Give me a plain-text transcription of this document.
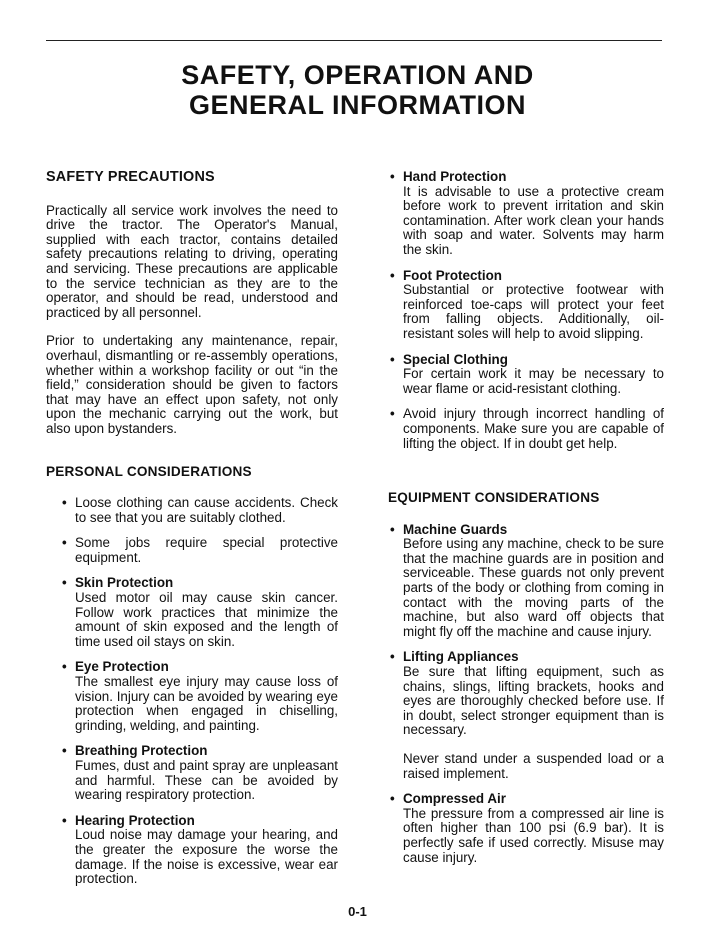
SAFETY, OPERATION AND
GENERAL INFORMATION
SAFETY PRECAUTIONS

Practically all service work involves the need to drive the tractor. The Operator's Manual, supplied with each tractor, contains detailed safety precautions relating to driving, operating and servicing. These precautions are applicable to the service technician as they are to the operator, and should be read, understood and practiced by all personnel.

Prior to undertaking any maintenance, repair, overhaul, dismantling or re-assembly operations, whether within a workshop facility or out “in the field,” consideration should be given to factors that may have an effect upon safety, not only upon the mechanic carrying out the work, but also upon bystanders.

PERSONAL CONSIDERATIONS
• Loose clothing can cause accidents. Check to see that you are suitably clothed.
• Some jobs require special protective equipment.
• Skin Protection
Used motor oil may cause skin cancer. Follow work practices that minimize the amount of skin exposed and the length of time used oil stays on skin.
• Eye Protection
The smallest eye injury may cause loss of vision. Injury can be avoided by wearing eye protection when engaged in chiselling, grinding, welding, and painting.
• Breathing Protection
Fumes, dust and paint spray are unpleasant and harmful. These can be avoided by wearing respiratory protection.
• Hearing Protection
Loud noise may damage your hearing, and the greater the exposure the worse the damage. If the noise is excessive, wear ear protection.
• Hand Protection
It is advisable to use a protective cream before work to prevent irritation and skin contamination. After work clean your hands with soap and water. Solvents may harm the skin.
• Foot Protection
Substantial or protective footwear with reinforced toe-caps will protect your feet from falling objects. Additionally, oil-resistant soles will help to avoid slipping.
• Special Clothing
For certain work it may be necessary to wear flame or acid-resistant clothing.
• Avoid injury through incorrect handling of components. Make sure you are capable of lifting the object. If in doubt get help.
EQUIPMENT CONSIDERATIONS
• Machine Guards
Before using any machine, check to be sure that the machine guards are in position and serviceable. These guards not only prevent parts of the body or clothing from coming in contact with the moving parts of the machine, but also ward off objects that might fly off the machine and cause injury.
• Lifting Appliances
Be sure that lifting equipment, such as chains, slings, lifting brackets, hooks and eyes are thoroughly checked before use. If in doubt, select stronger equipment than is necessary.
Never stand under a suspended load or a raised implement.
• Compressed Air
The pressure from a compressed air line is often higher than 100 psi (6.9 bar). It is perfectly safe if used correctly. Misuse may cause injury.
0-1
